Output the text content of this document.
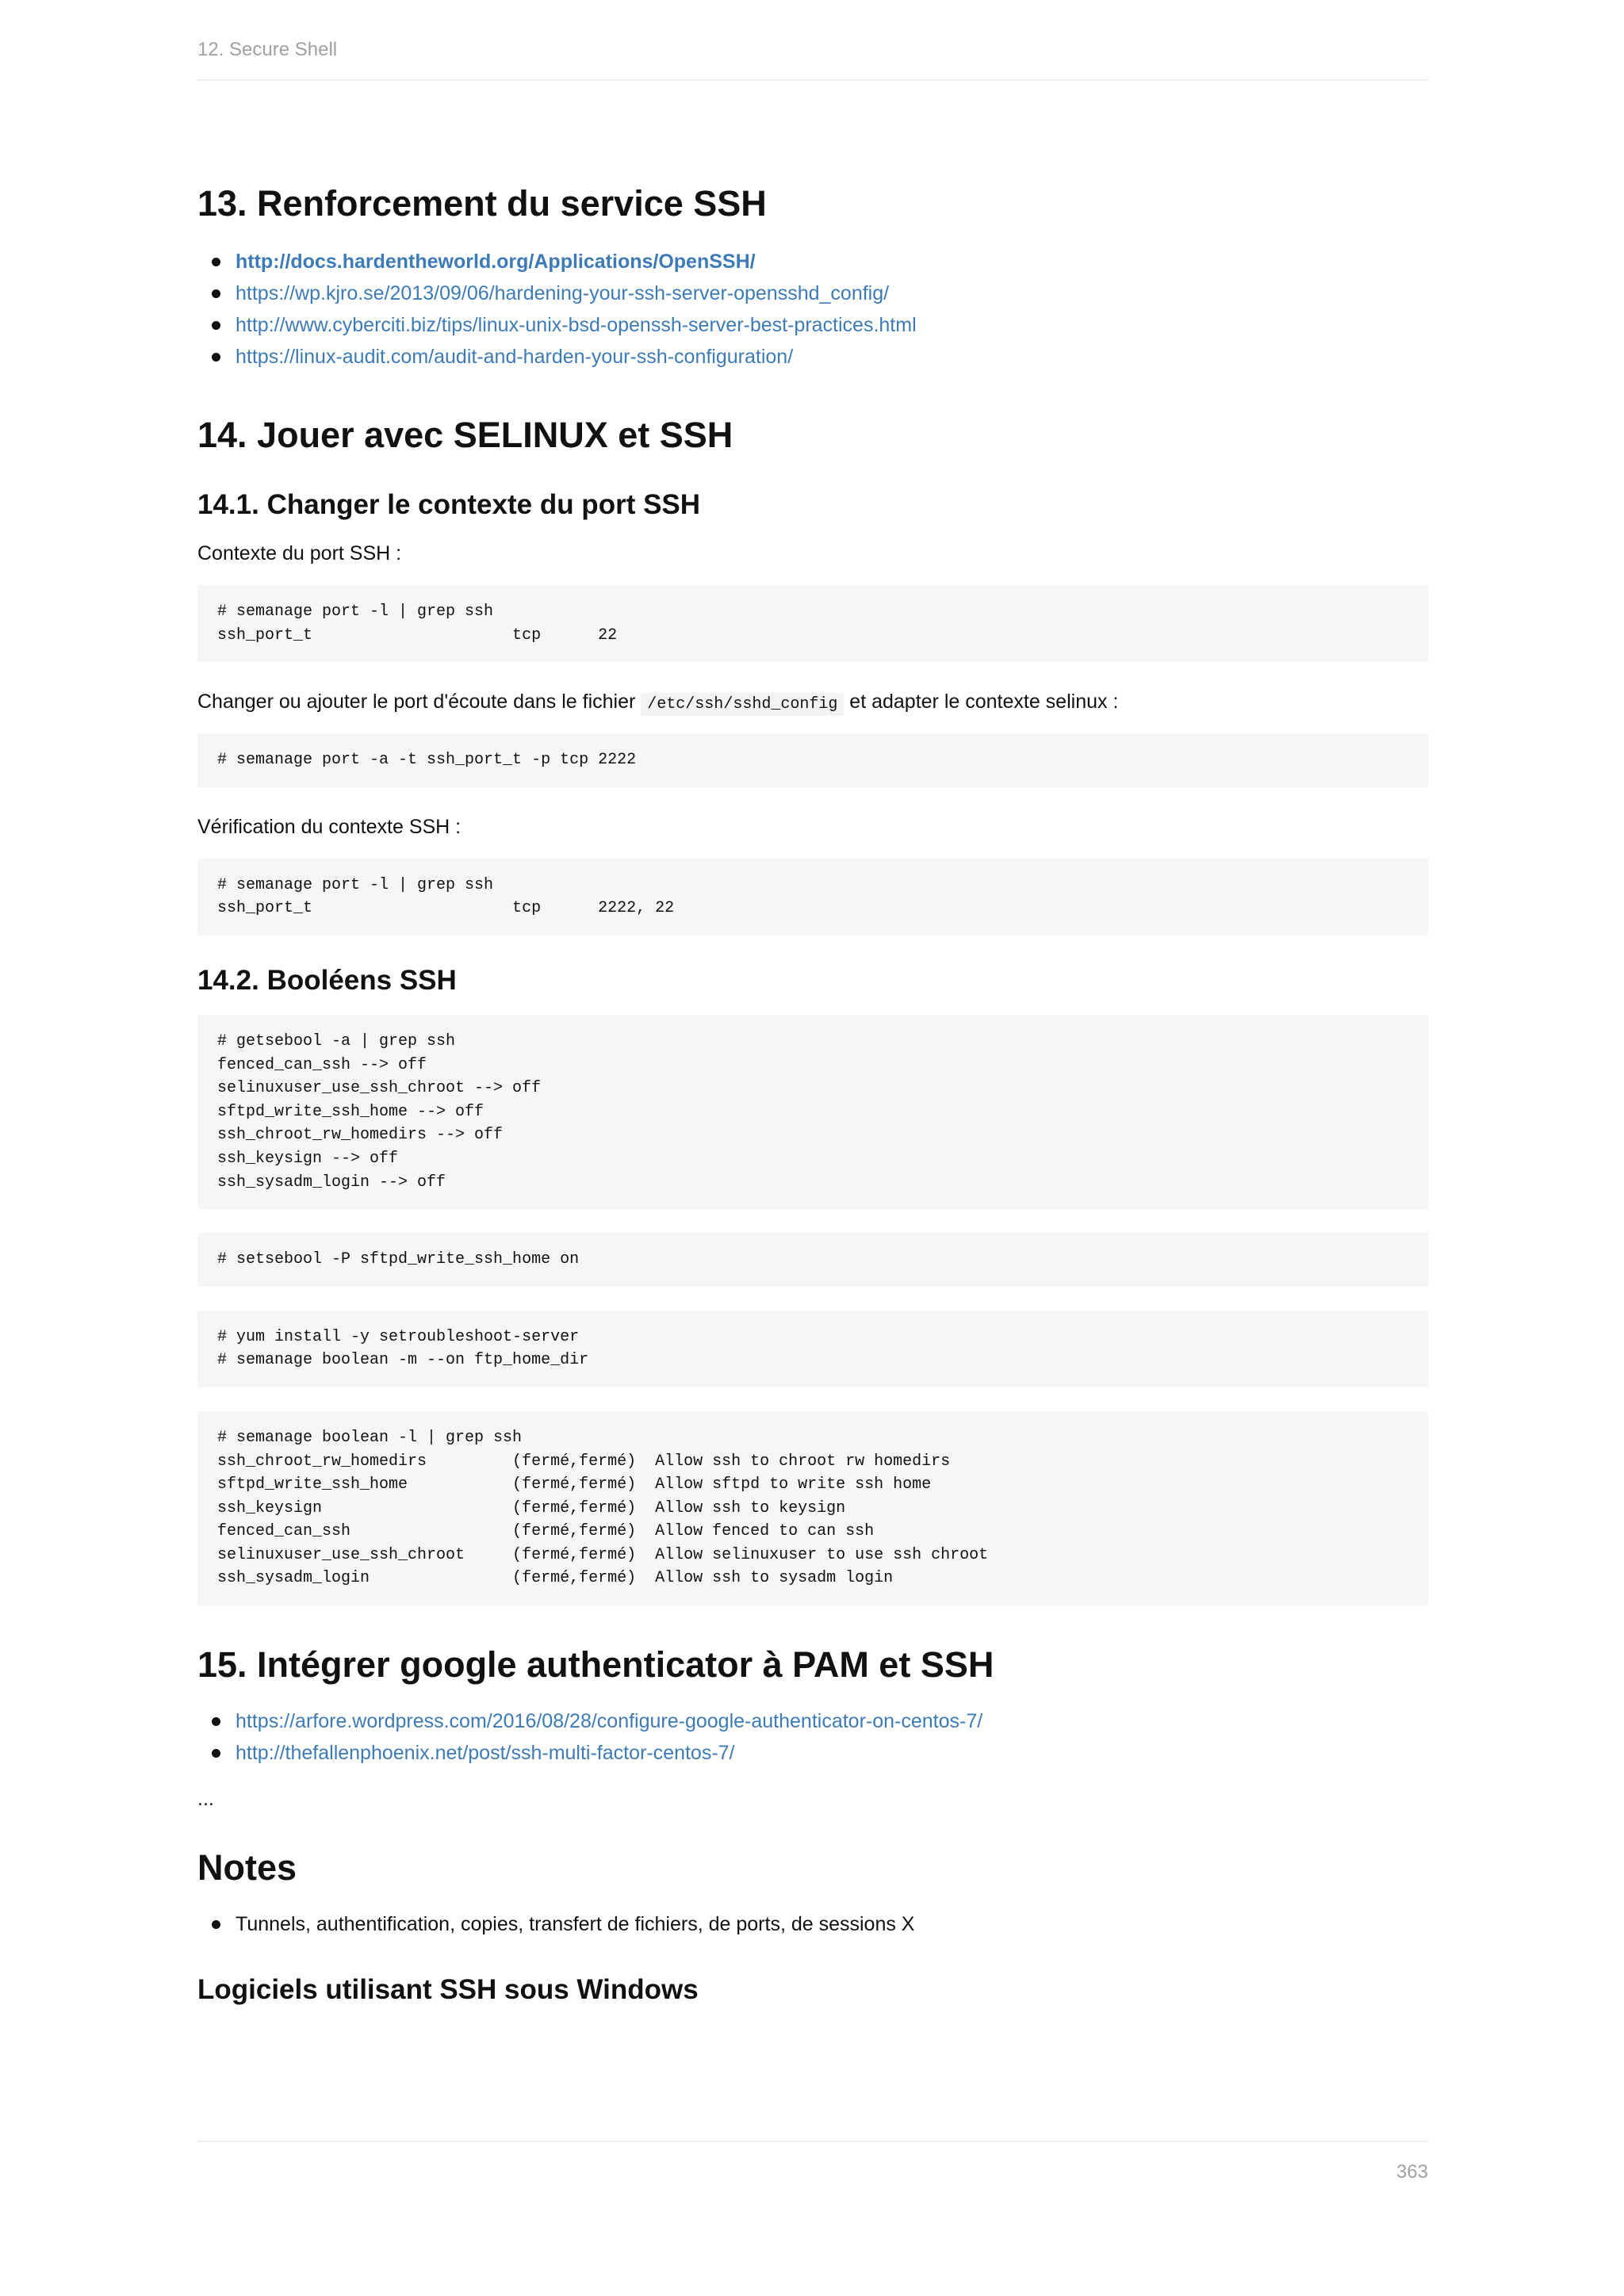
12. Secure Shell
13. Renforcement du service SSH
http://docs.hardentheworld.org/Applications/OpenSSH/
https://wp.kjro.se/2013/09/06/hardening-your-ssh-server-opensshd_config/
http://www.cyberciti.biz/tips/linux-unix-bsd-openssh-server-best-practices.html
https://linux-audit.com/audit-and-harden-your-ssh-configuration/
14. Jouer avec SELINUX et SSH
14.1. Changer le contexte du port SSH

Contexte du port SSH :

# semanage port -l | grep ssh
ssh_port_t                     tcp      22

Changer ou ajouter le port d'écoute dans le fichier /etc/ssh/sshd_config et adapter le contexte selinux :

# semanage port -a -t ssh_port_t -p tcp 2222

Vérification du contexte SSH :

# semanage port -l | grep ssh
ssh_port_t                     tcp      2222, 22
14.2. Booléens SSH
# getsebool -a | grep ssh
fenced_can_ssh --> off
selinuxuser_use_ssh_chroot --> off
sftpd_write_ssh_home --> off
ssh_chroot_rw_homedirs --> off
ssh_keysign --> off
ssh_sysadm_login --> off
# setsebool -P sftpd_write_ssh_home on
# yum install -y setroubleshoot-server
# semanage boolean -m --on ftp_home_dir
# semanage boolean -l | grep ssh
ssh_chroot_rw_homedirs         (fermé,fermé)  Allow ssh to chroot rw homedirs
sftpd_write_ssh_home           (fermé,fermé)  Allow sftpd to write ssh home
ssh_keysign                    (fermé,fermé)  Allow ssh to keysign
fenced_can_ssh                 (fermé,fermé)  Allow fenced to can ssh
selinuxuser_use_ssh_chroot     (fermé,fermé)  Allow selinuxuser to use ssh chroot
ssh_sysadm_login               (fermé,fermé)  Allow ssh to sysadm login
15. Intégrer google authenticator à PAM et SSH
https://arfore.wordpress.com/2016/08/28/configure-google-authenticator-on-centos-7/
http://thefallenphoenix.net/post/ssh-multi-factor-centos-7/

...

Notes
Tunnels, authentification, copies, transfert de fichiers, de ports, de sessions X
Logiciels utilisant SSH sous Windows
363
